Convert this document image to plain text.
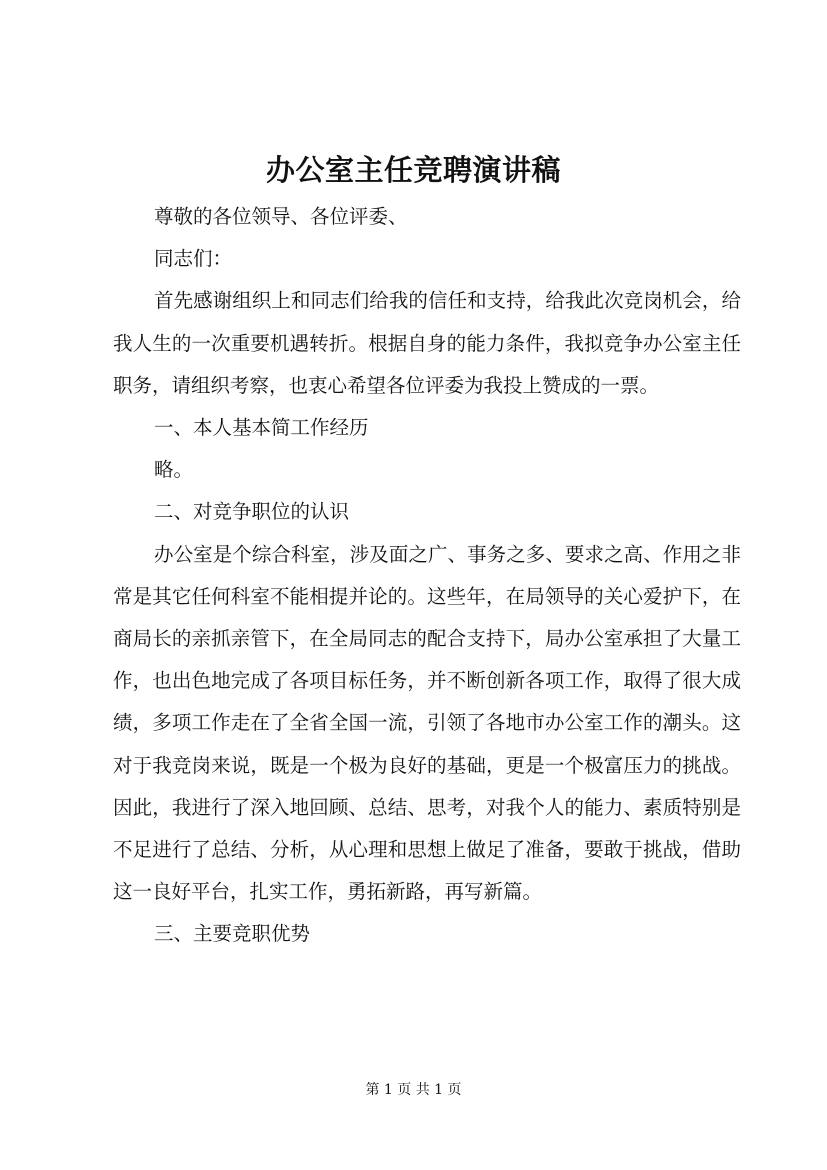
办公室主任竞聘演讲稿

尊敬的各位领导、各位评委、

同志们：

首先感谢组织上和同志们给我的信任和支持，给我此次竞岗机会，给我人生的一次重要机遇转折。根据自身的能力条件，我拟竞争办公室主任职务，请组织考察，也衷心希望各位评委为我投上赞成的一票。

一、本人基本简工作经历

略。

二、对竞争职位的认识

办公室是个综合科室，涉及面之广、事务之多、要求之高、作用之非常是其它任何科室不能相提并论的。这些年，在局领导的关心爱护下，在商局长的亲抓亲管下，在全局同志的配合支持下，局办公室承担了大量工作，也出色地完成了各项目标任务，并不断创新各项工作，取得了很大成绩，多项工作走在了全省全国一流，引领了各地市办公室工作的潮头。这对于我竞岗来说，既是一个极为良好的基础，更是一个极富压力的挑战。因此，我进行了深入地回顾、总结、思考，对我个人的能力、素质特别是不足进行了总结、分析，从心理和思想上做足了准备，要敢于挑战，借助这一良好平台，扎实工作，勇拓新路，再写新篇。

三、主要竞职优势

第 1 页 共 1 页
